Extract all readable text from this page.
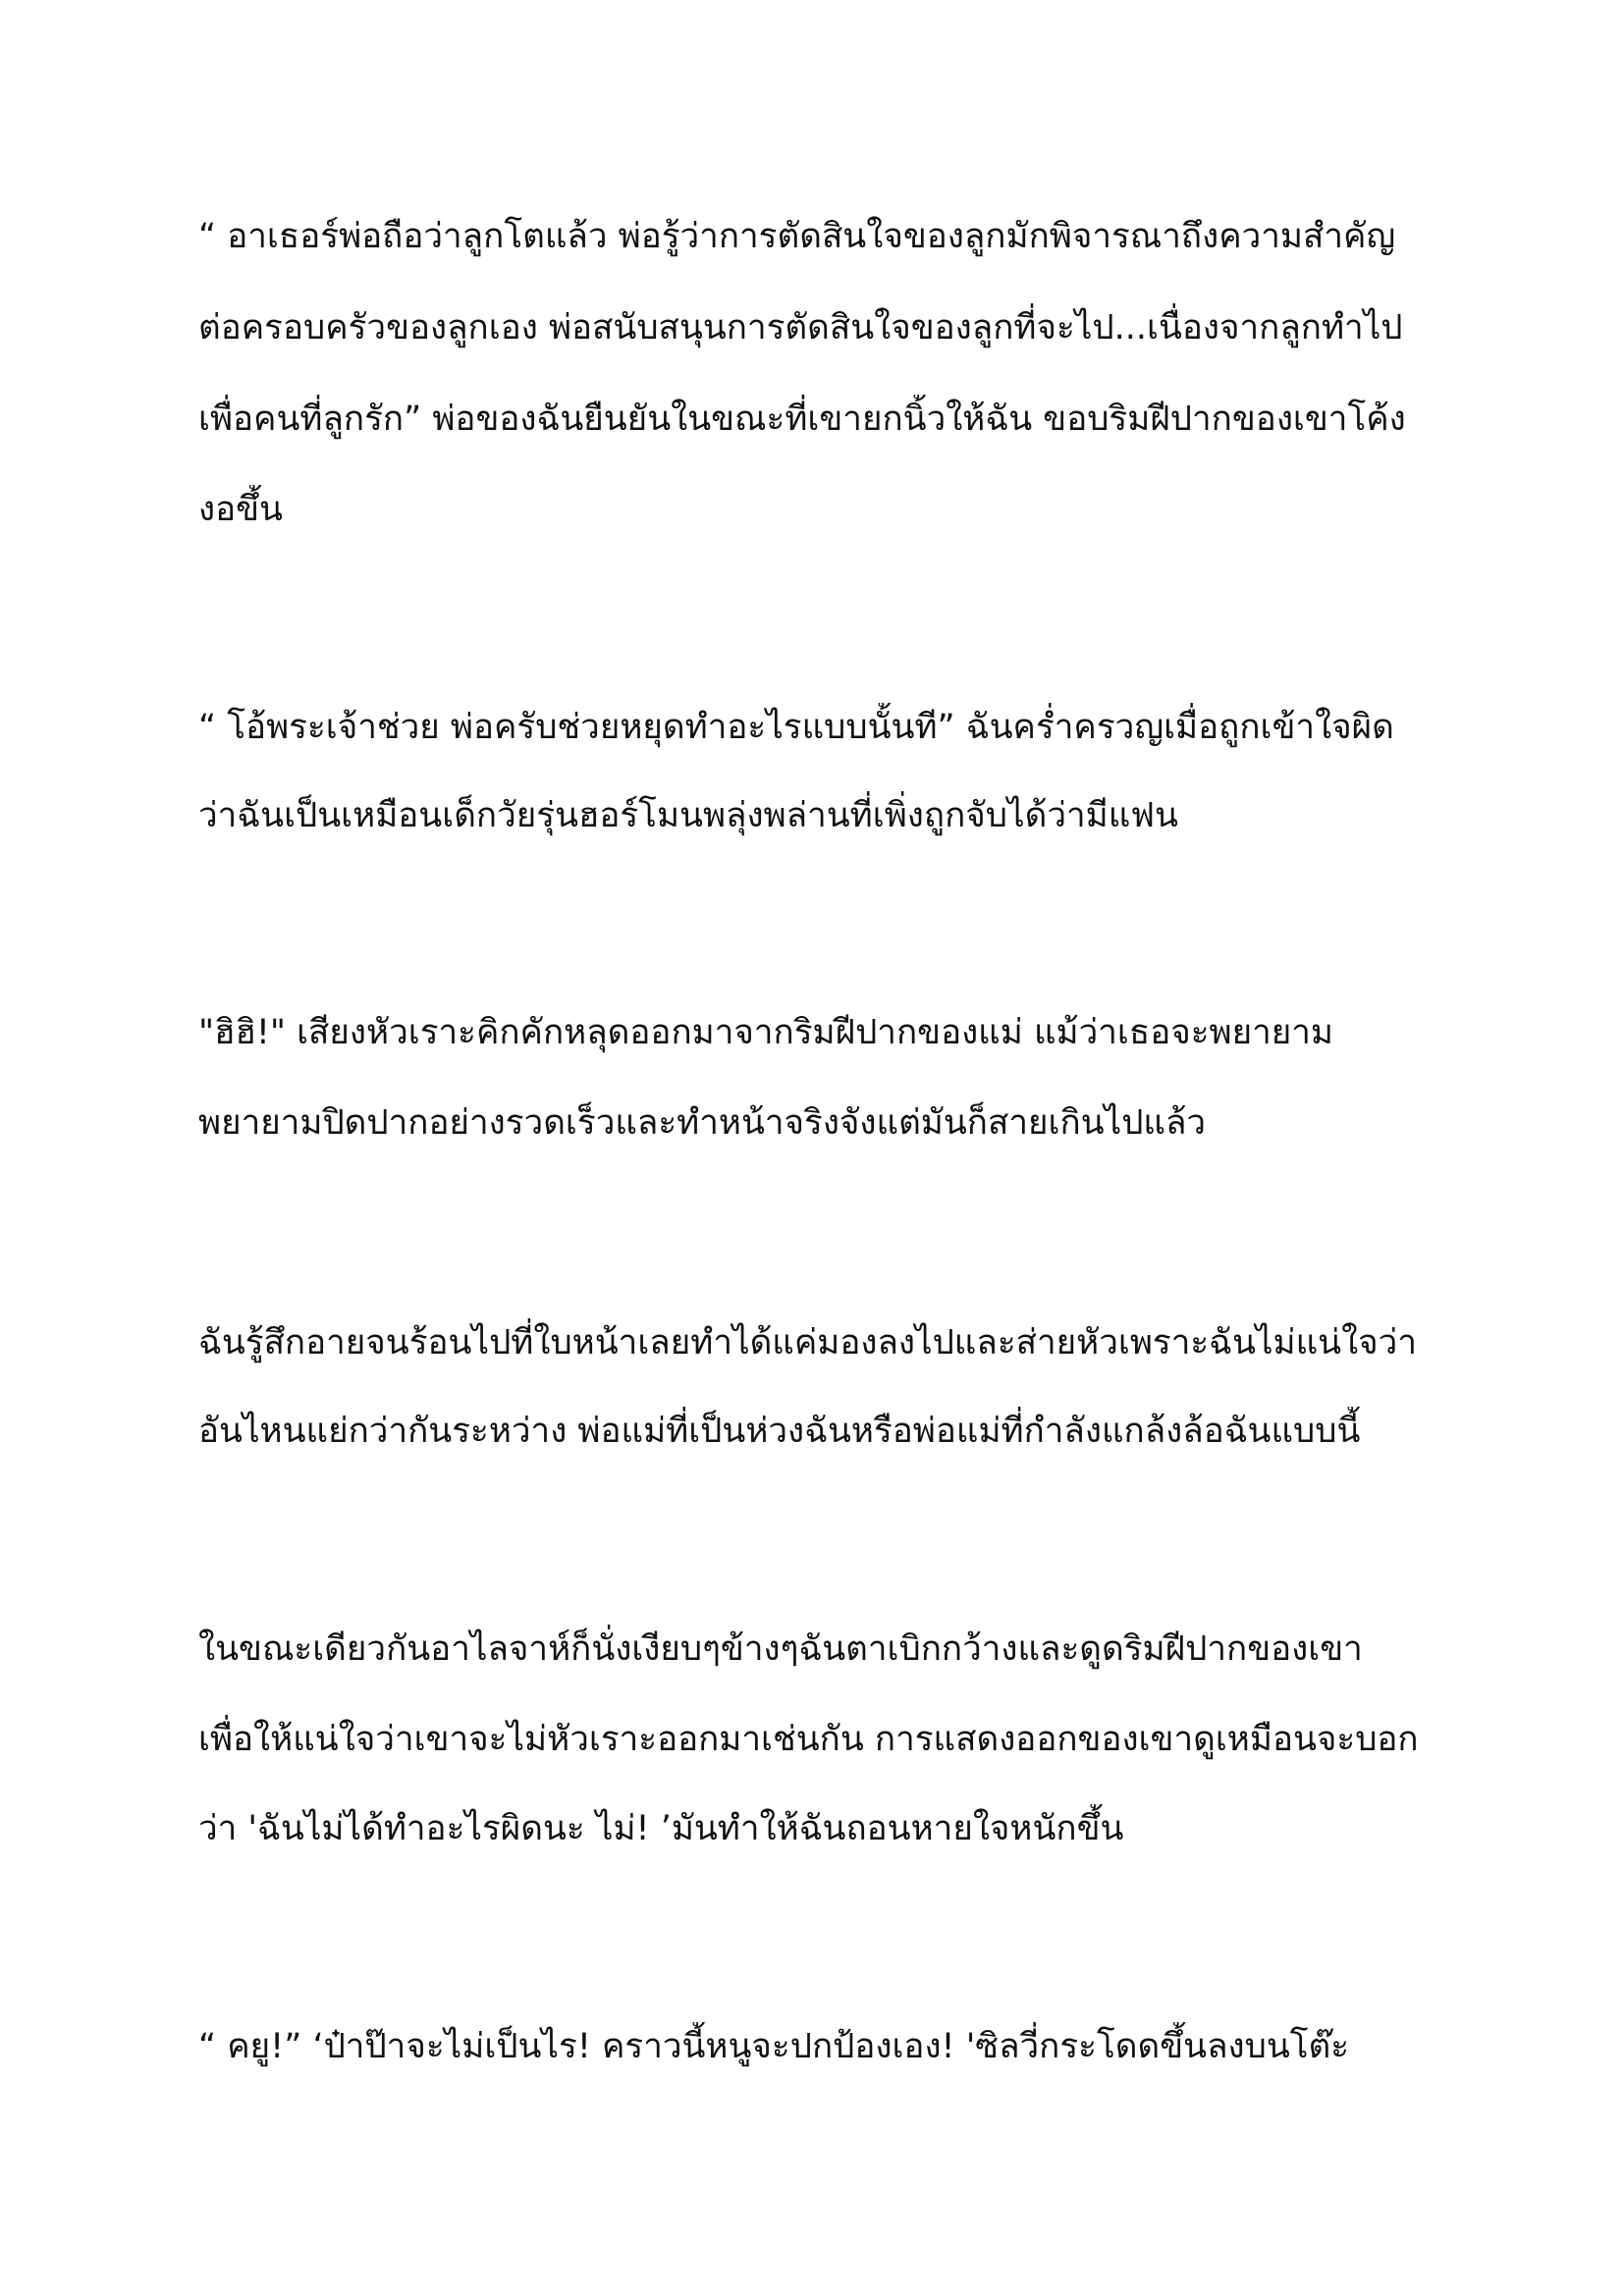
“ อาเธอร์พ่อถือว่าลูกโตแล้ว พ่อรู้ว่าการตัดสินใจของลูกมักพิจารณาถึงความสำคัญ
ต่อครอบครัวของลูกเอง พ่อสนับสนุนการตัดสินใจของลูกที่จะไป...เนื่องจากลูกทำไป
เพื่อคนที่ลูกรัก” พ่อของฉันยืนยันในขณะที่เขายกนิ้วให้ฉัน ขอบริมฝีปากของเขาโค้ง
งอขึ้น
“ โอ้พระเจ้าช่วย พ่อครับช่วยหยุดทำอะไรแบบนั้นที” ฉันคร่ำครวญเมื่อถูกเข้าใจผิด
ว่าฉันเป็นเหมือนเด็กวัยรุ่นฮอร์โมนพลุ่งพล่านที่เพิ่งถูกจับได้ว่ามีแฟน
"ฮิฮิ!" เสียงหัวเราะคิกคักหลุดออกมาจากริมฝีปากของแม่ แม้ว่าเธอจะพยายาม
พยายามปิดปากอย่างรวดเร็วและทำหน้าจริงจังแต่มันก็สายเกินไปแล้ว
ฉันรู้สึกอายจนร้อนไปที่ใบหน้าเลยทำได้แค่มองลงไปและส่ายหัวเพราะฉันไม่แน่ใจว่า
อันไหนแย่กว่ากันระหว่าง พ่อแม่ที่เป็นห่วงฉันหรือพ่อแม่ที่กำลังแกล้งล้อฉันแบบนี้
ในขณะเดียวกันอาไลจาห์ก็นั่งเงียบๆข้างๆฉันตาเบิกกว้างและดูดริมฝีปากของเขา
เพื่อให้แน่ใจว่าเขาจะไม่หัวเราะออกมาเช่นกัน การแสดงออกของเขาดูเหมือนจะบอก
ว่า 'ฉันไม่ได้ทำอะไรผิดนะ ไม่! ’มันทำให้ฉันถอนหายใจหนักขึ้น
“ คยู!” ‘ป๋าป๊าจะไม่เป็นไร! คราวนี้หนูจะปกป้องเอง! 'ซิลวี่กระโดดขึ้นลงบนโต๊ะ
